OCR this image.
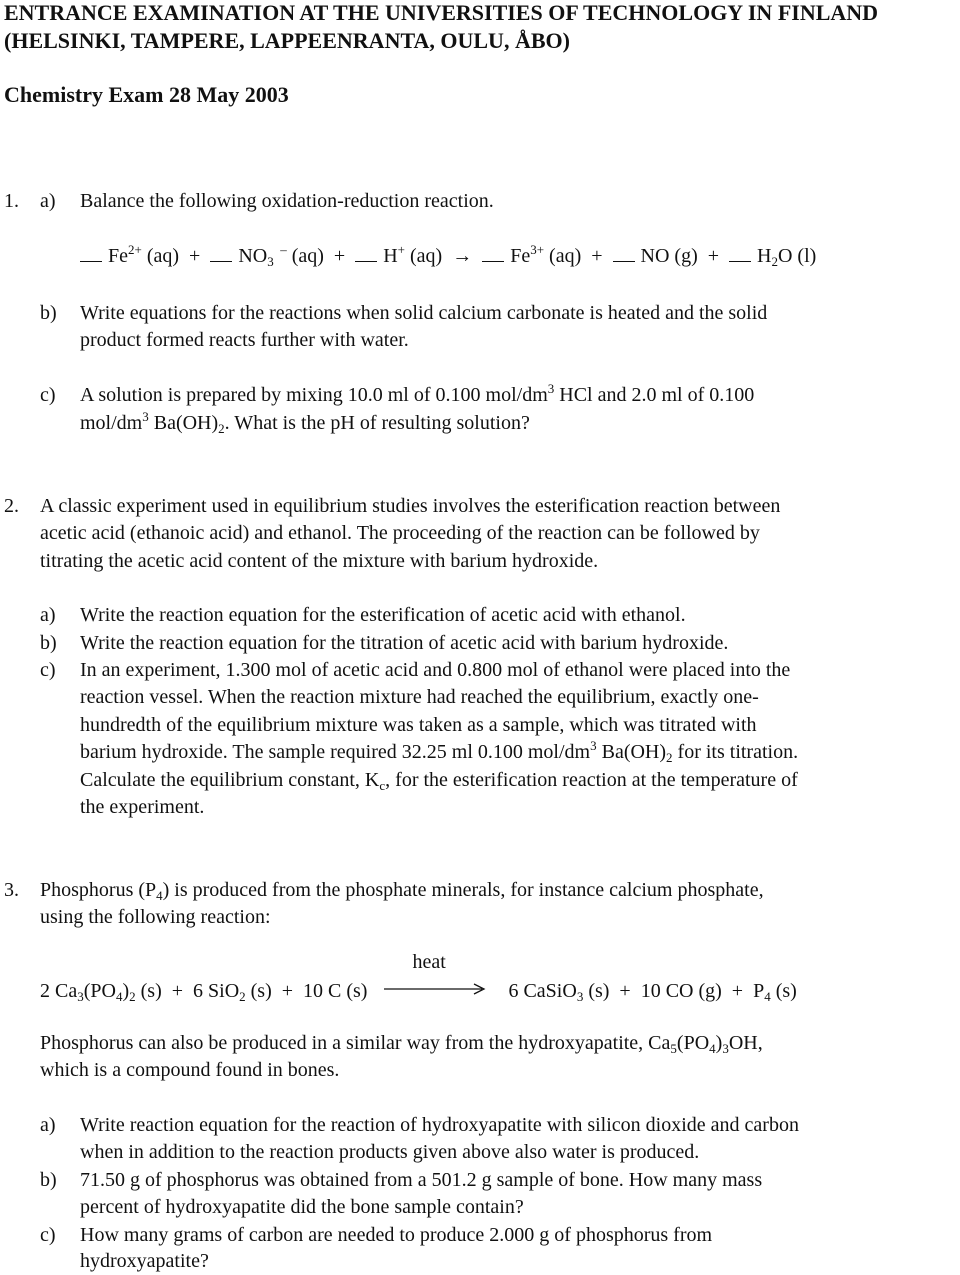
ENTRANCE EXAMINATION AT THE UNIVERSITIES OF TECHNOLOGY IN FINLAND
(HELSINKI, TAMPERE, LAPPEENRANTA, OULU, ÅBO)
Chemistry Exam 28 May 2003
1. a) Balance the following oxidation-reduction reaction.
$Fe^{2+}$ $(aq) + NO_3$  – (aq)  +  H+ $(aq) \to Fe^{3+}$ (aq)  +  NO $(g) + H_2O$ (l)
b) Write equations for the reactions when solid calcium carbonate is heated and the solid
product formed reacts further with water.
c) A solution is prepared by mixing 10.0 ml of 0.100 mol/$dm^3$ HCl and 2.0 ml of 0.100
mol/$dm^3$ $Ba(OH)_2$. What is the pH of resulting solution?
2. A classic experiment used in equilibrium studies involves the esterification reaction between
acetic acid (ethanoic acid) and ethanol. The proceeding of the reaction can be followed by
titrating the acetic acid content of the mixture with barium hydroxide.
a) Write the reaction equation for the esterification of acetic acid with ethanol.
b) Write the reaction equation for the titration of acetic acid with barium hydroxide.
c) In an experiment, 1.300 mol of acetic acid and 0.800 mol of ethanol were placed into the
reaction vessel. When the reaction mixture had reached the equilibrium, exactly one-
hundredth of the equilibrium mixture was taken as a sample, which was titrated with
barium hydroxide. The sample required 32.25 ml 0.100 mol/$dm^3$ $Ba(OH)_2$ for its titration.
Calculate the equilibrium constant, $K_c$, for the esterification reaction at the temperature of
the experiment.
3. Phosphorus $(P_4)$ is produced from the phosphate minerals, for instance calcium phosphate,
using the following reaction:
2 $Ca_3(PO_4)_2$ (s)  +  6 SiO$_2$ (s)  +  10 C (s)
heat
6 CaSiO$_3$ (s)  +  10 CO $(g) + P_4$ (s)
Phosphorus can also be produced in a similar way from the hydroxyapatite, $Ca_5(PO_4)_3OH$,
which is a compound found in bones.
a) Write reaction equation for the reaction of hydroxyapatite with silicon dioxide and carbon
when in addition to the reaction products given above also water is produced.
b) 71.50 g of phosphorus was obtained from a 501.2 g sample of bone. How many mass
percent of hydroxyapatite did the bone sample contain?
c) How many grams of carbon are needed to produce 2.000 g of phosphorus from
hydroxyapatite?
